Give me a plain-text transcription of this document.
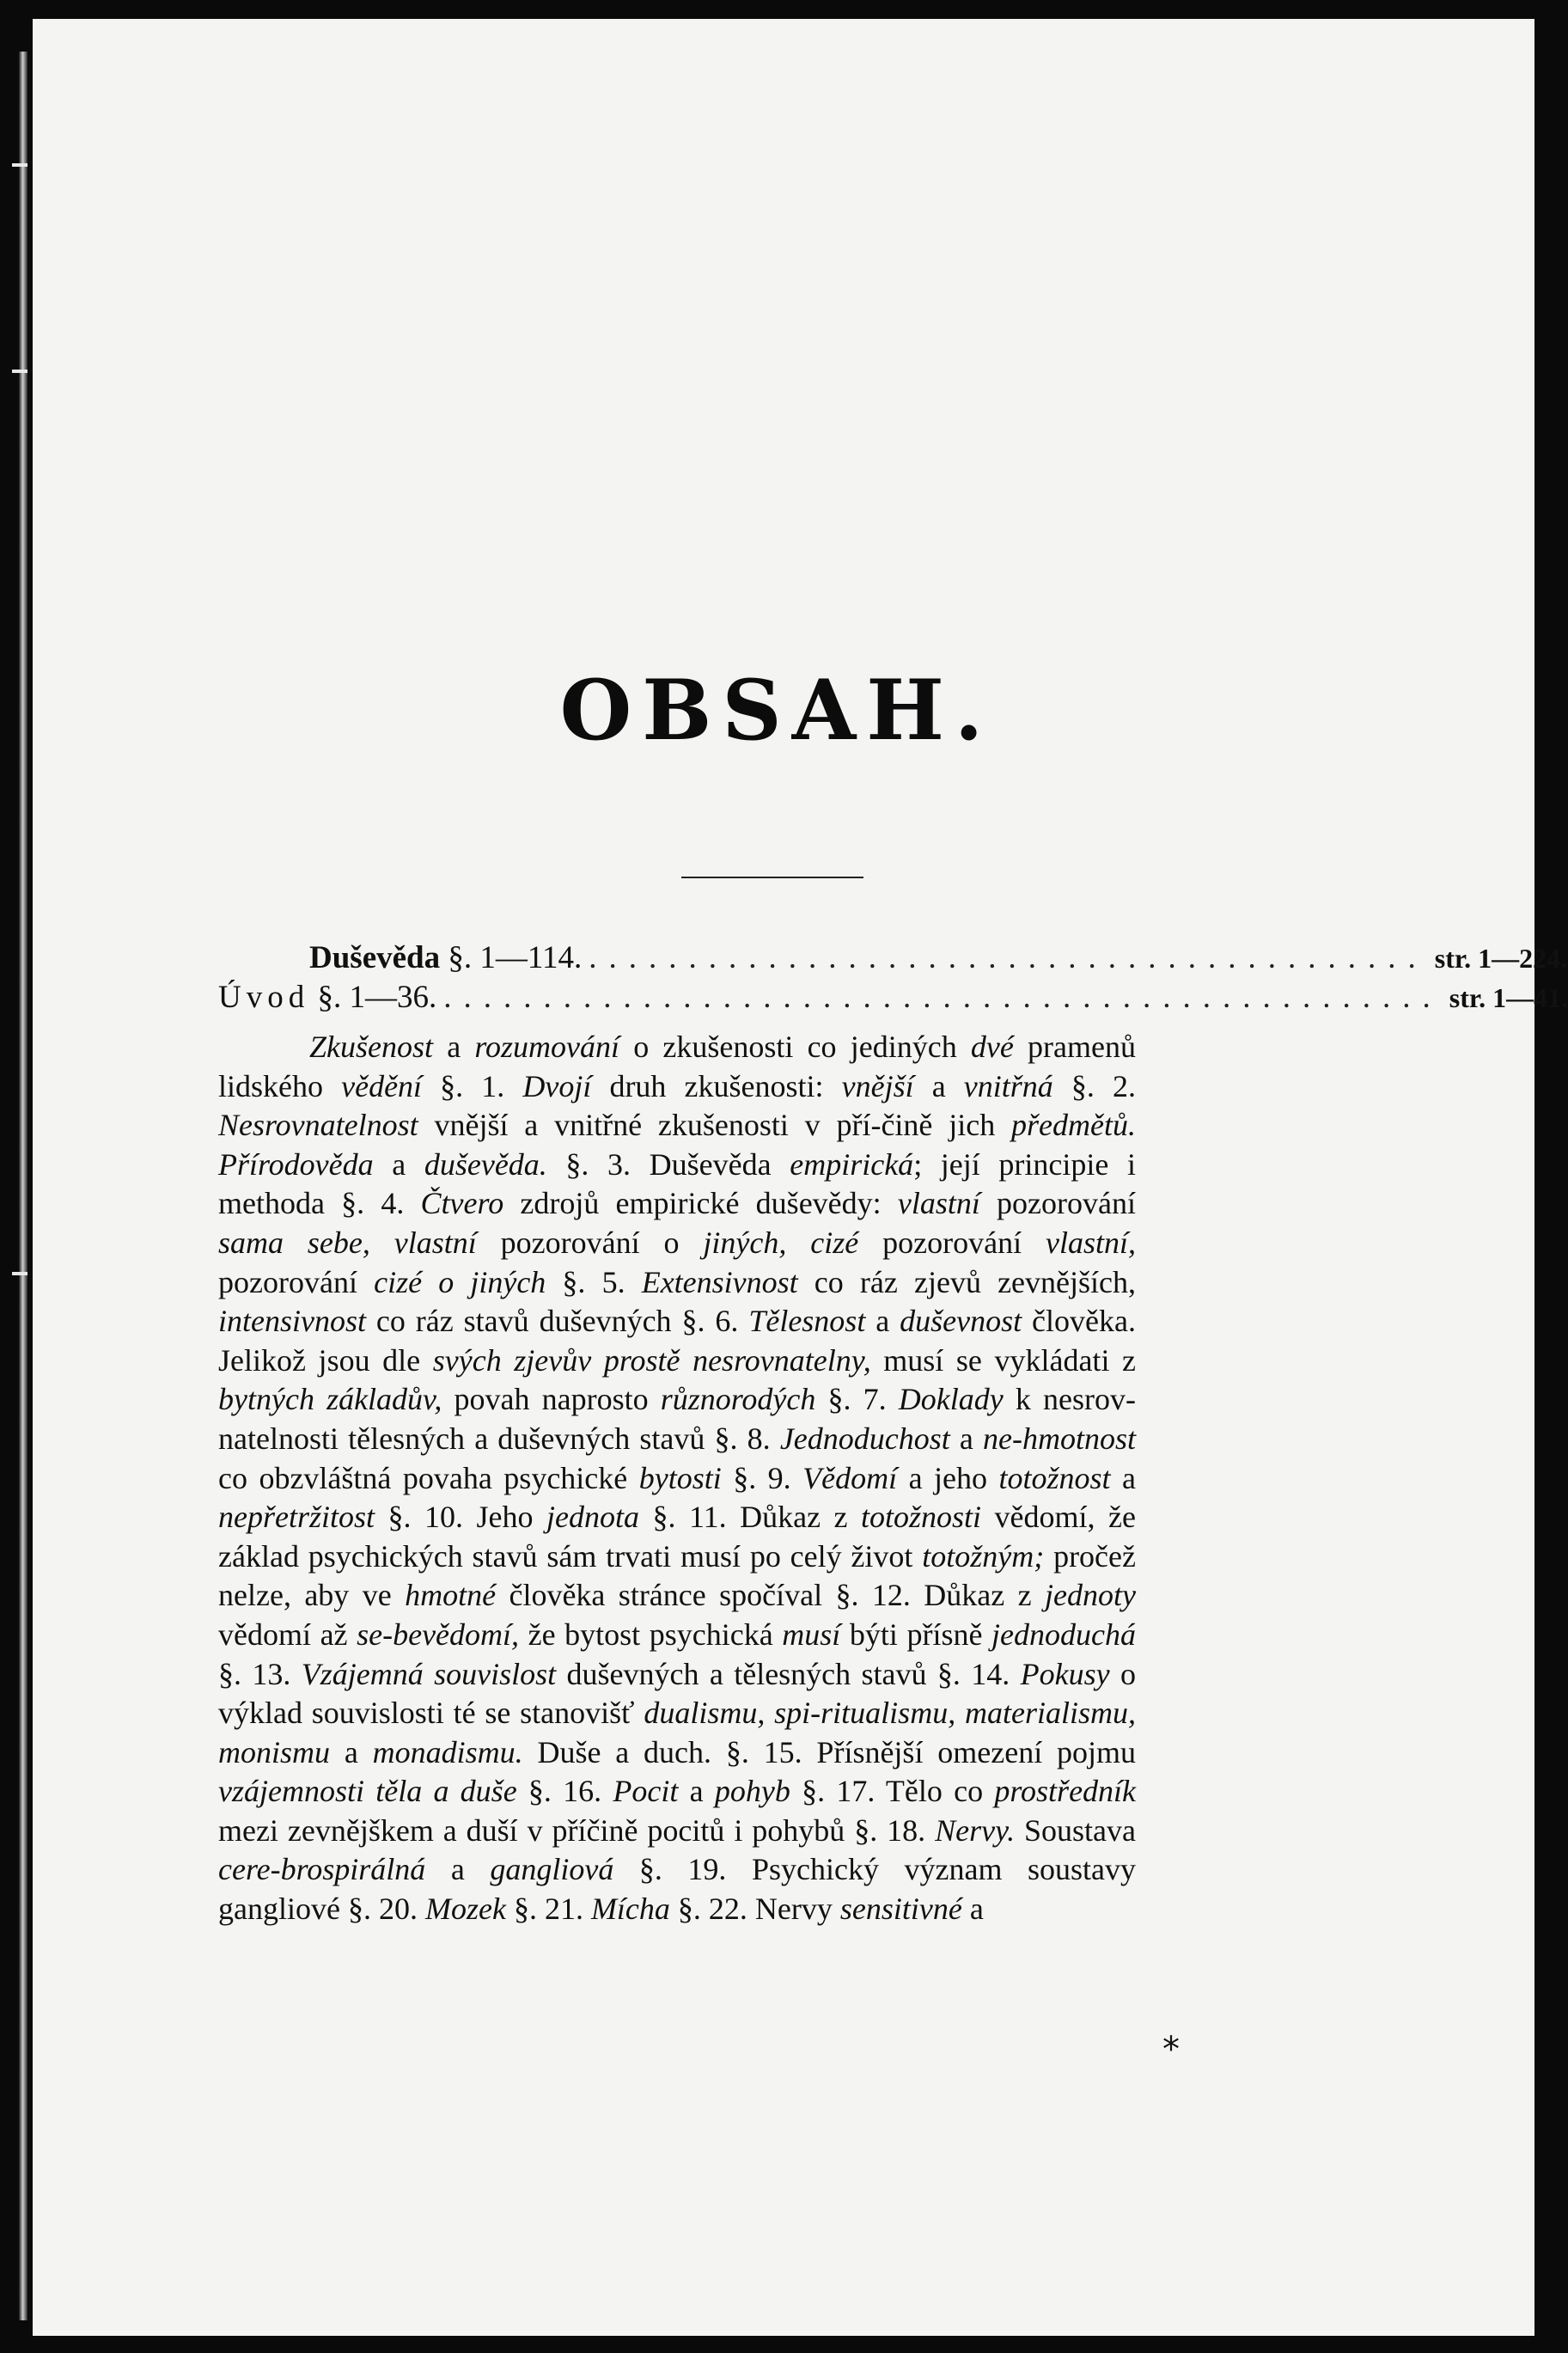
OBSAH.
Duševěda §. 1—114. .......................................... str. 1—224.
Úvod §. 1—36. .................................................. str. 1—41.

Zkušenost a rozumování o zkušenosti co jediných dvé pramenů lidského vědění §. 1. Dvojí druh zkušenosti: vnější a vnitřná §. 2. Nesrovnatelnost vnější a vnitřné zkušenosti v pří-čině jich předmětů. Přírodověda a duševěda. §. 3. Duševěda empirická; její principie i methoda §. 4. Čtvero zdrojů empirické duševědy: vlastní pozorování sama sebe, vlastní pozorování o jiných, cizé pozorování vlastní, pozorování cizé o jiných §. 5. Extensivnost co ráz zjevů zevnějších, intensivnost co ráz stavů duševných §. 6. Tělesnost a duševnost člověka. Jelikož jsou dle svých zjevův prostě nesrovnatelny, musí se vykládati z bytných základův, povah naprosto různorodých §. 7. Doklady k nesrov-natelnosti tělesných a duševných stavů §. 8. Jednoduchost a ne-hmotnost co obzvláštná povaha psychické bytosti §. 9. Vědomí a jeho totožnost a nepřetržitost §. 10. Jeho jednota §. 11. Důkaz z totožnosti vědomí, že základ psychických stavů sám trvati musí po celý život totožným; pročež nelze, aby ve hmotné člověka stránce spočíval §. 12. Důkaz z jednoty vědomí až se-bevědomí, že bytost psychická musí býti přísně jednoduchá §. 13. Vzájemná souvislost duševných a tělesných stavů §. 14. Pokusy o výklad souvislosti té se stanovišť dualismu, spi-ritualismu, materialismu, monismu a monadismu. Duše a duch. §. 15. Přísnější omezení pojmu vzájemnosti těla a duše §. 16. Pocit a pohyb §. 17. Tělo co prostředník mezi zevnějškem a duší v příčině pocitů i pohybů §. 18. Nervy. Soustava cere-brospirálná a gangliová §. 19. Psychický význam soustavy gangliové §. 20. Mozek §. 21. Mícha §. 22. Nervy sensitivné a

*
